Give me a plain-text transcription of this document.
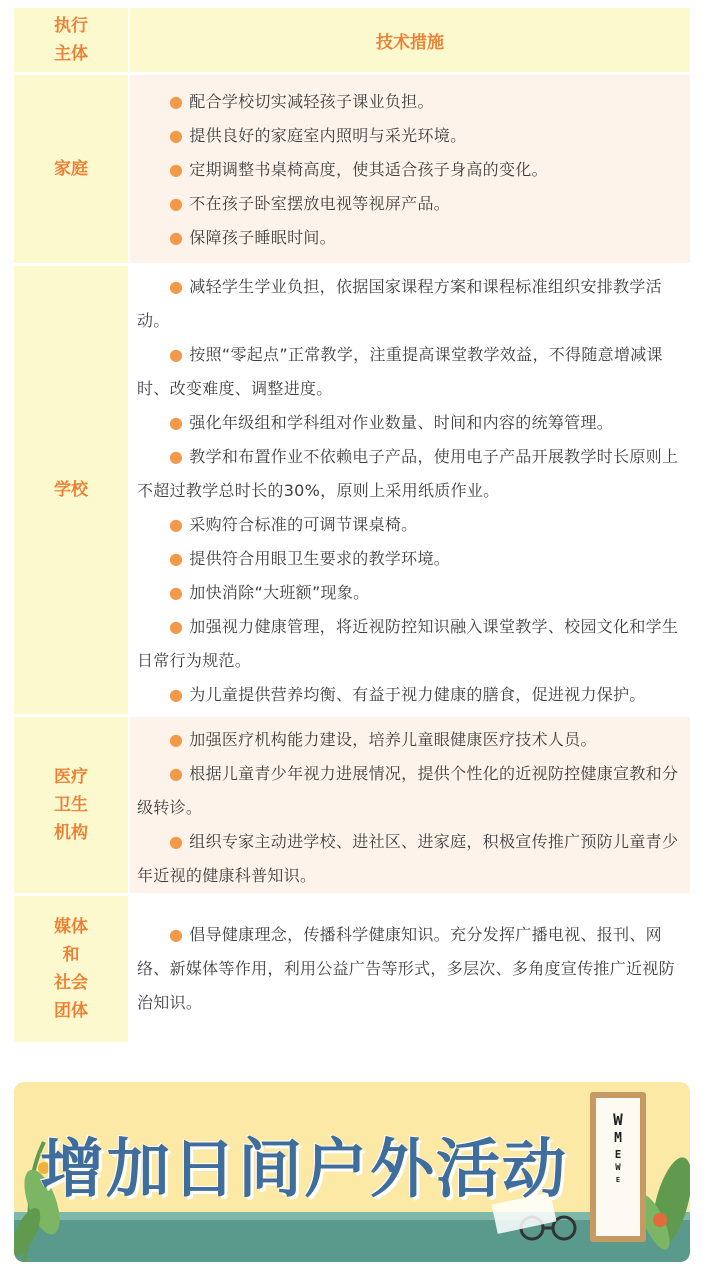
执行
主体
技术措施
家庭
● 配合学校切实减轻孩子课业负担。
● 提供良好的家庭室内照明与采光环境。
● 定期调整书桌椅高度，使其适合孩子身高的变化。
● 不在孩子卧室摆放电视等视屏产品。
● 保障孩子睡眠时间。
学校
● 减轻学生学业负担，依据国家课程方案和课程标准组织安排教学活动。
● 按照“零起点”正常教学，注重提高课堂教学效益，不得随意增减课时、改变难度、调整进度。
● 强化年级组和学科组对作业数量、时间和内容的统筹管理。
● 教学和布置作业不依赖电子产品，使用电子产品开展教学时长原则上不超过教学总时长的30%，原则上采用纸质作业。
● 采购符合标准的可调节课桌椅。
● 提供符合用眼卫生要求的教学环境。
● 加快消除“大班额”现象。
● 加强视力健康管理，将近视防控知识融入课堂教学、校园文化和学生日常行为规范。
● 为儿童提供营养均衡、有益于视力健康的膳食，促进视力保护。
医疗
卫生
机构
● 加强医疗机构能力建设，培养儿童眼健康医疗技术人员。
● 根据儿童青少年视力进展情况，提供个性化的近视防控健康宣教和分级转诊。
● 组织专家主动进学校、进社区、进家庭，积极宣传推广预防儿童青少年近视的健康科普知识。
媒体
和
社会
团体
● 倡导健康理念，传播科学健康知识。充分发挥广播电视、报刊、网络、新媒体等作用，利用公益广告等形式，多层次、多角度宣传推广近视防治知识。
W
M
E
W
E
增加日间户外活动
